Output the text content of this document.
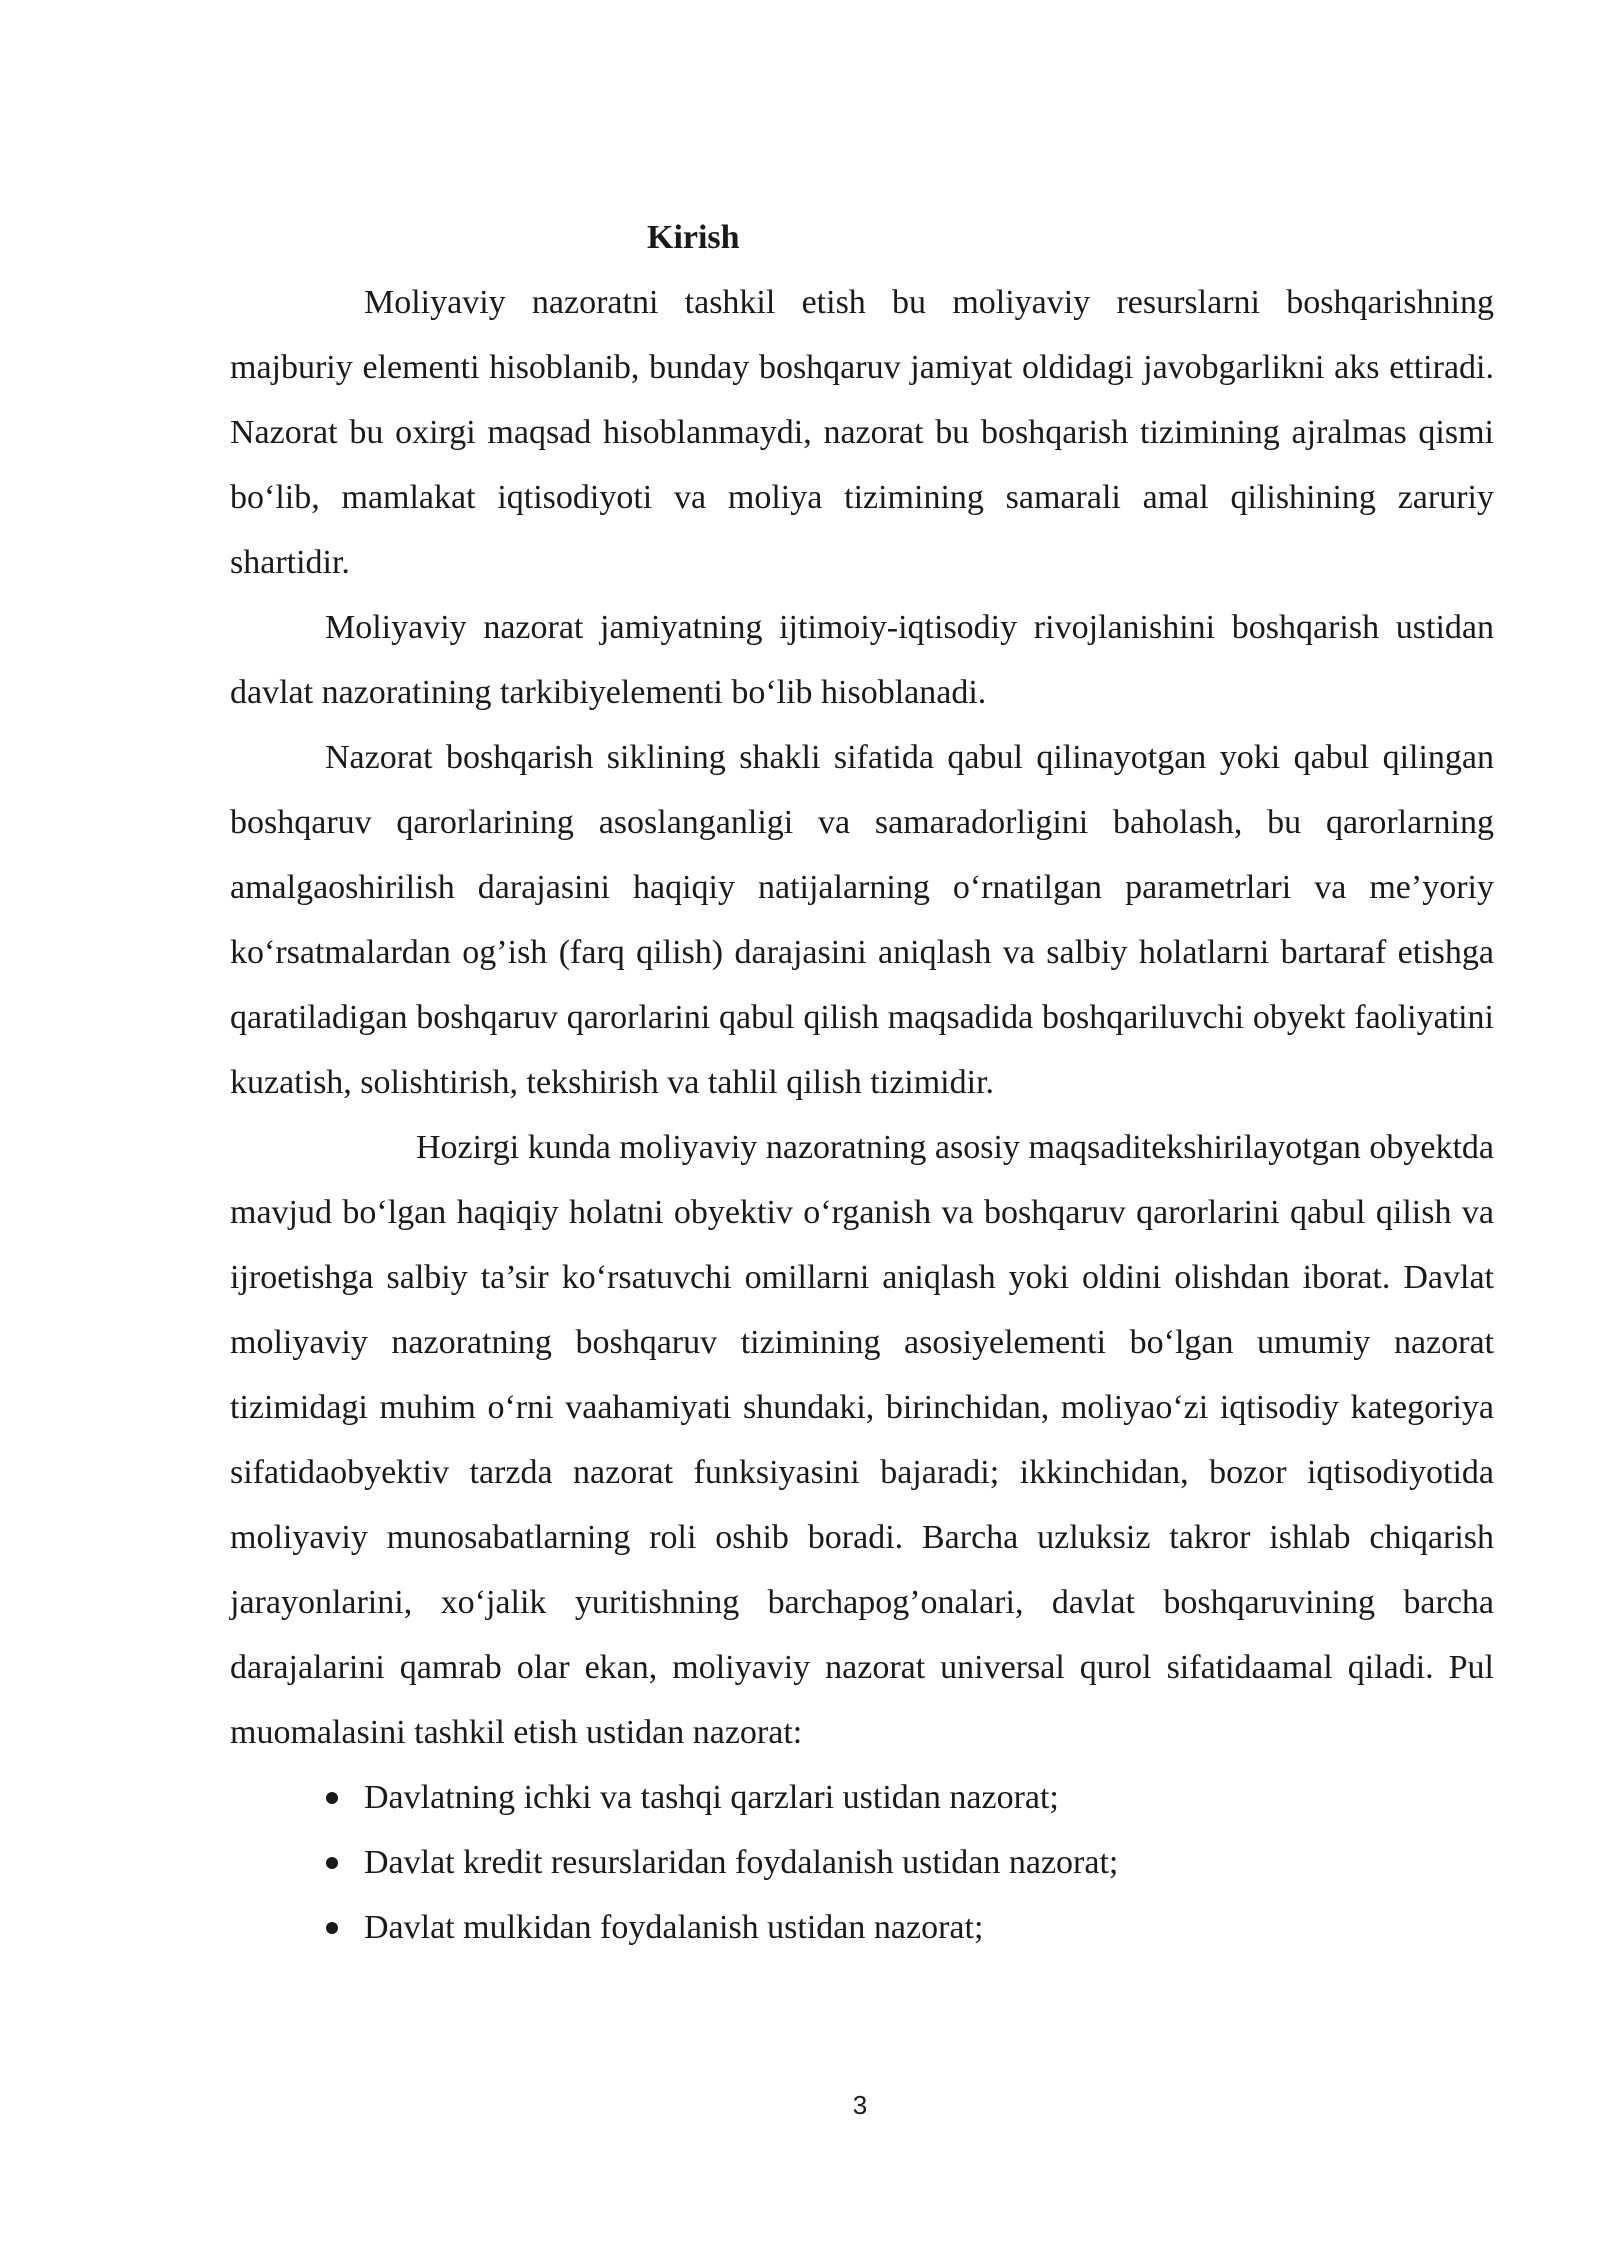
Kirish

Moliyaviy nazoratni tashkil etish bu moliyaviy resurslarni boshqarishning majburiy elementi hisoblanib, bunday boshqaruv jamiyat oldidagi javobgarlikni aks ettiradi. Nazorat bu oxirgi maqsad hisoblanmaydi, nazorat bu boshqarish tizimining ajralmas qismi bo‘lib, mamlakat iqtisodiyoti va moliya tizimining samarali amal qilishining zaruriy shartidir.

Moliyaviy nazorat jamiyatning ijtimoiy-iqtisodiy rivojlanishini boshqarish ustidan davlat nazoratining tarkibiyelementi bo‘lib hisoblanadi.

Nazorat boshqarish siklining shakli sifatida qabul qilinayotgan yoki qabul qilingan boshqaruv qarorlarining asoslanganligi va samaradorligini baholash, bu qarorlarning amalgaoshirilish darajasini haqiqiy natijalarning o‘rnatilgan parametrlari va me’yoriy ko‘rsatmalardan og’ish (farq qilish) darajasini aniqlash va salbiy holatlarni bartaraf etishga qaratiladigan boshqaruv qarorlarini qabul qilish maqsadida boshqariluvchi obyekt faoliyatini kuzatish, solishtirish, tekshirish va tahlil qilish tizimidir.

Hozirgi kunda moliyaviy nazoratning asosiy maqsaditekshirilayotgan obyektda mavjud bo‘lgan haqiqiy holatni obyektiv o‘rganish va boshqaruv qarorlarini qabul qilish va ijroetishga salbiy ta’sir ko‘rsatuvchi omillarni aniqlash yoki oldini olishdan iborat. Davlat moliyaviy nazoratning boshqaruv tizimining asosiyelementi bo‘lgan umumiy nazorat tizimidagi muhim o‘rni vaahamiyati shundaki, birinchidan, moliyao‘zi iqtisodiy kategoriya sifatidaobyektiv tarzda nazorat funksiyasini bajaradi; ikkinchidan, bozor iqtisodiyotida moliyaviy munosabatlarning roli oshib boradi. Barcha uzluksiz takror ishlab chiqarish jarayonlarini, xo‘jalik yuritishning barchapog’onalari, davlat boshqaruvining barcha darajalarini qamrab olar ekan, moliyaviy nazorat universal qurol sifatidaamal qiladi. Pul muomalasini tashkil etish ustidan nazorat:

Davlatning ichki va tashqi qarzlari ustidan nazorat;
Davlat kredit resurslaridan foydalanish ustidan nazorat;
Davlat mulkidan foydalanish ustidan nazorat;
3
